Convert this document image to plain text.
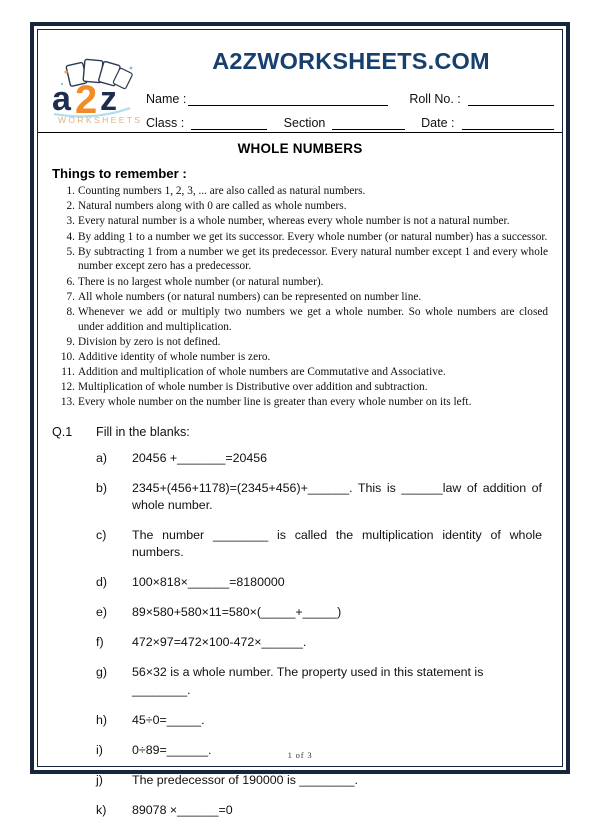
a 2 z
WORKSHEETS
A2ZWORKSHEETS.COM
Name :	Roll No. :
Class :	Section	Date :
WHOLE NUMBERS
Things to remember :
Counting numbers 1, 2, 3, ... are also called as natural numbers.
Natural numbers along with 0 are called as whole numbers.
Every natural number is a whole number, whereas every whole number is not a natural number.
By adding 1 to a number we get its successor. Every whole number (or natural number) has a successor.
By subtracting 1 from a number we get its predecessor. Every natural number except 1 and every whole number except zero has a predecessor.
There is no largest whole number (or natural number).
All whole numbers (or natural numbers) can be represented on number line.
Whenever we add or multiply two numbers we get a whole number. So whole numbers are closed under addition and multiplication.
Division by zero is not defined.
Additive identity of whole number is zero.
Addition and multiplication of whole numbers are Commutative and Associative.
Multiplication of whole number is Distributive over addition and subtraction.
Every whole number on the number line is greater than every whole number on its left.
Q.1	Fill in the blanks:
a)	20456 +_______=20456
b)	2345+(456+1178)=(2345+456)+______. This is ______law of addition of whole number.
c)	The number ________ is called the multiplication identity of whole numbers.
d)	100×818×______=8180000
e)	89×580+580×11=580×(_____+_____)
f)	472×97=472×100-472×______.
g)	56×32 is a whole number. The property used in this statement is ________.
h)	45÷0=_____.
i)	0÷89=______.
j)	The predecessor of 190000 is ________.
k)	89078 ×______=0
1 of 3
